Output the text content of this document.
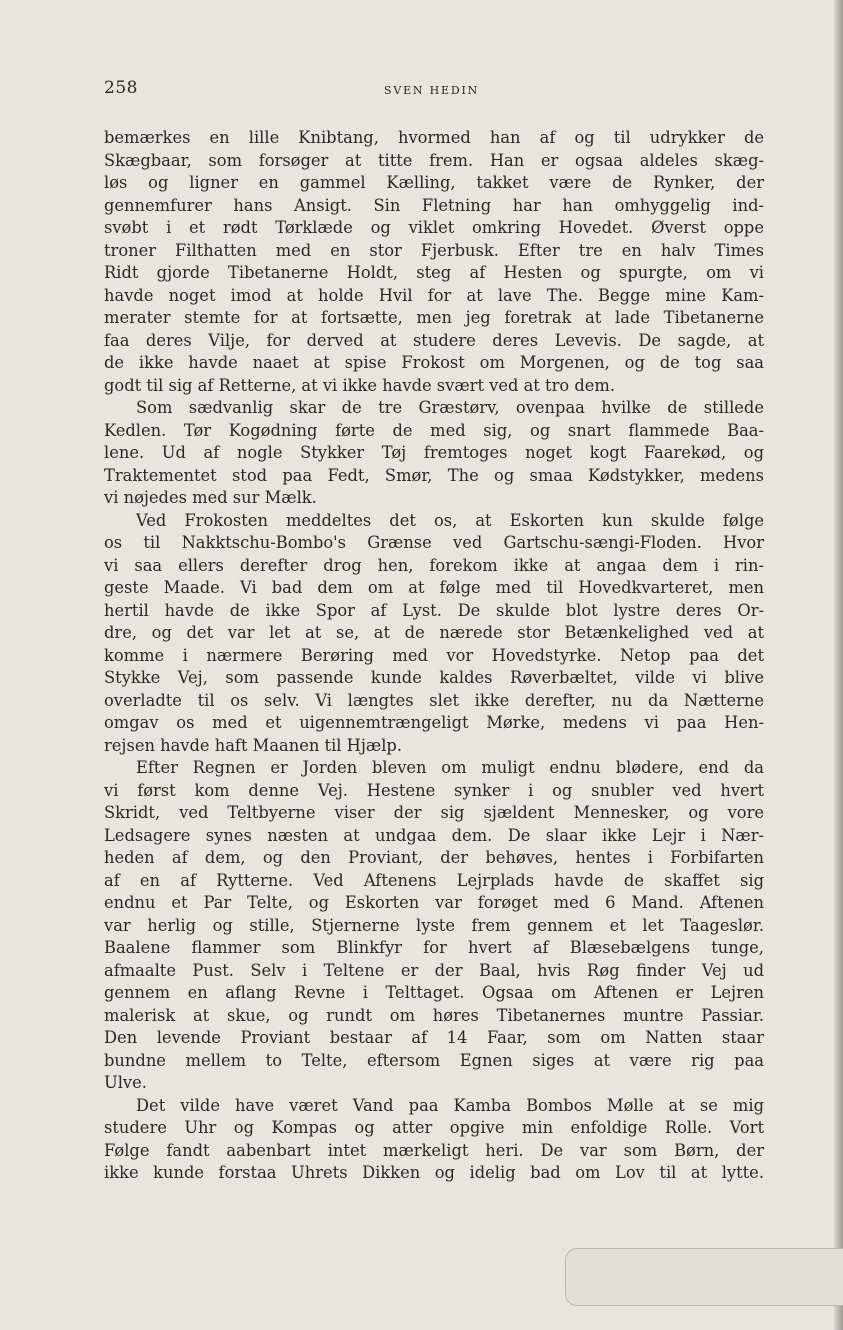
258	SVEN HEDIN
bemærkes en lille Knibtang, hvormed han af og til udrykker de
Skægbaar, som forsøger at titte frem. Han er ogsaa aldeles skæg-
løs og ligner en gammel Kælling, takket være de Rynker, der
gennemfurer hans Ansigt. Sin Fletning har han omhyggelig ind-
svøbt i et rødt Tørklæde og viklet omkring Hovedet. Øverst oppe
troner Filthatten med en stor Fjerbusk. Efter tre en halv Times
Ridt gjorde Tibetanerne Holdt, steg af Hesten og spurgte, om vi
havde noget imod at holde Hvil for at lave The. Begge mine Kam-
merater stemte for at fortsætte, men jeg foretrak at lade Tibetanerne
faa deres Vilje, for derved at studere deres Levevis. De sagde, at
de ikke havde naaet at spise Frokost om Morgenen, og de tog saa
godt til sig af Retterne, at vi ikke havde svært ved at tro dem.
Som sædvanlig skar de tre Græstørv, ovenpaa hvilke de stillede
Kedlen. Tør Kogødning førte de med sig, og snart flammede Baa-
lene. Ud af nogle Stykker Tøj fremtoges noget kogt Faarekød, og
Traktementet stod paa Fedt, Smør, The og smaa Kødstykker, medens
vi nøjedes med sur Mælk.
Ved Frokosten meddeltes det os, at Eskorten kun skulde følge
os til Nakktschu-Bombo's Grænse ved Gartschu-sængi-Floden. Hvor
vi saa ellers derefter drog hen, forekom ikke at angaa dem i rin-
geste Maade. Vi bad dem om at følge med til Hovedkvarteret, men
hertil havde de ikke Spor af Lyst. De skulde blot lystre deres Or-
dre, og det var let at se, at de nærede stor Betænkelighed ved at
komme i nærmere Berøring med vor Hovedstyrke. Netop paa det
Stykke Vej, som passende kunde kaldes Røverbæltet, vilde vi blive
overladte til os selv. Vi længtes slet ikke derefter, nu da Nætterne
omgav os med et uigennemtrængeligt Mørke, medens vi paa Hen-
rejsen havde haft Maanen til Hjælp.
Efter Regnen er Jorden bleven om muligt endnu blødere, end da
vi først kom denne Vej. Hestene synker i og snubler ved hvert
Skridt, ved Teltbyerne viser der sig sjældent Mennesker, og vore
Ledsagere synes næsten at undgaa dem. De slaar ikke Lejr i Nær-
heden af dem, og den Proviant, der behøves, hentes i Forbifarten
af en af Rytterne. Ved Aftenens Lejrplads havde de skaffet sig
endnu et Par Telte, og Eskorten var forøget med 6 Mand. Aftenen
var herlig og stille, Stjernerne lyste frem gennem et let Taageslør.
Baalene flammer som Blinkfyr for hvert af Blæsebælgens tunge,
afmaalte Pust. Selv i Teltene er der Baal, hvis Røg finder Vej ud
gennem en aflang Revne i Telttaget. Ogsaa om Aftenen er Lejren
malerisk at skue, og rundt om høres Tibetanernes muntre Passiar.
Den levende Proviant bestaar af 14 Faar, som om Natten staar
bundne mellem to Telte, eftersom Egnen siges at være rig paa
Ulve.
Det vilde have været Vand paa Kamba Bombos Mølle at se mig
studere Uhr og Kompas og atter opgive min enfoldige Rolle. Vort
Følge fandt aabenbart intet mærkeligt heri. De var som Børn, der
ikke kunde forstaa Uhrets Dikken og idelig bad om Lov til at lytte.
